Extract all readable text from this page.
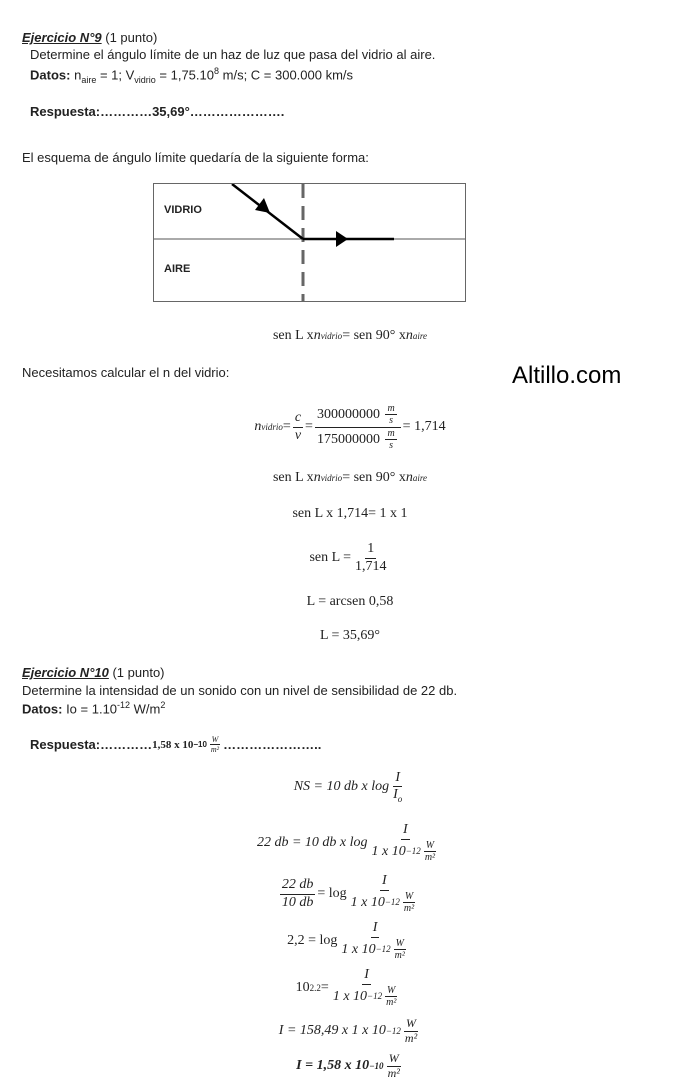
Ejercicio N°9 (1 punto)
Determine el ángulo límite de un haz de luz que pasa del vidrio al aire.
Datos: $n_{aire} = 1$; $V_{vidrio} = 1,75.10^8$ m/s; C = 300.000 km/s
Respuesta:…………35,69°………………….
El esquema de ángulo límite quedaría de la siguiente forma:
VIDRIO
AIRE
sen L x n vidrio = sen 90° x n aire
Necesitamos calcular el n del vidrio:	Altillo.com
n vidrio = $\frac{c}{v} = \frac{300000000 \frac{m}{s}}{175000000 \frac{m}{s}} = 1,714$
sen L x n vidrio = sen 90° x n aire
sen L x 1,714= 1 x 1
sen $L = \frac{1}{1,714}$
L = arcsen 0,58
L = 35,69°
Ejercicio N°10 (1 punto)
Determine la intensidad de un sonido con un nivel de sensibilidad de 22 db.
Datos: $Io = 1.10^{-12}$ $W/m^2$
Respuesta: ………… 1,58 x $10 -10 \frac{W}{\text{m²}}$ …………………..
NS = 10 db x $\log \frac{I}{I_o}$
22 db = 10 db x $\log \frac{I}{1 x 10 -12 \frac{W}{\text{m²}}}$
$\frac{22 db}{10 db} = \log \frac{I}{1 x 10 -12 \frac{W}{\text{m²}}}$
$2,2 = \log \frac{I}{1 x 10 -12 \frac{W}{\text{m²}}}$
10 $2.2 = \frac{I}{1 x 10 -12 \frac{W}{\text{m²}}}$
I = 158,49 x 1 x $10 -12 \frac{W}{\text{m²}}$
I = 1,58 x $10 -10 \frac{W}{\text{m²}}$
